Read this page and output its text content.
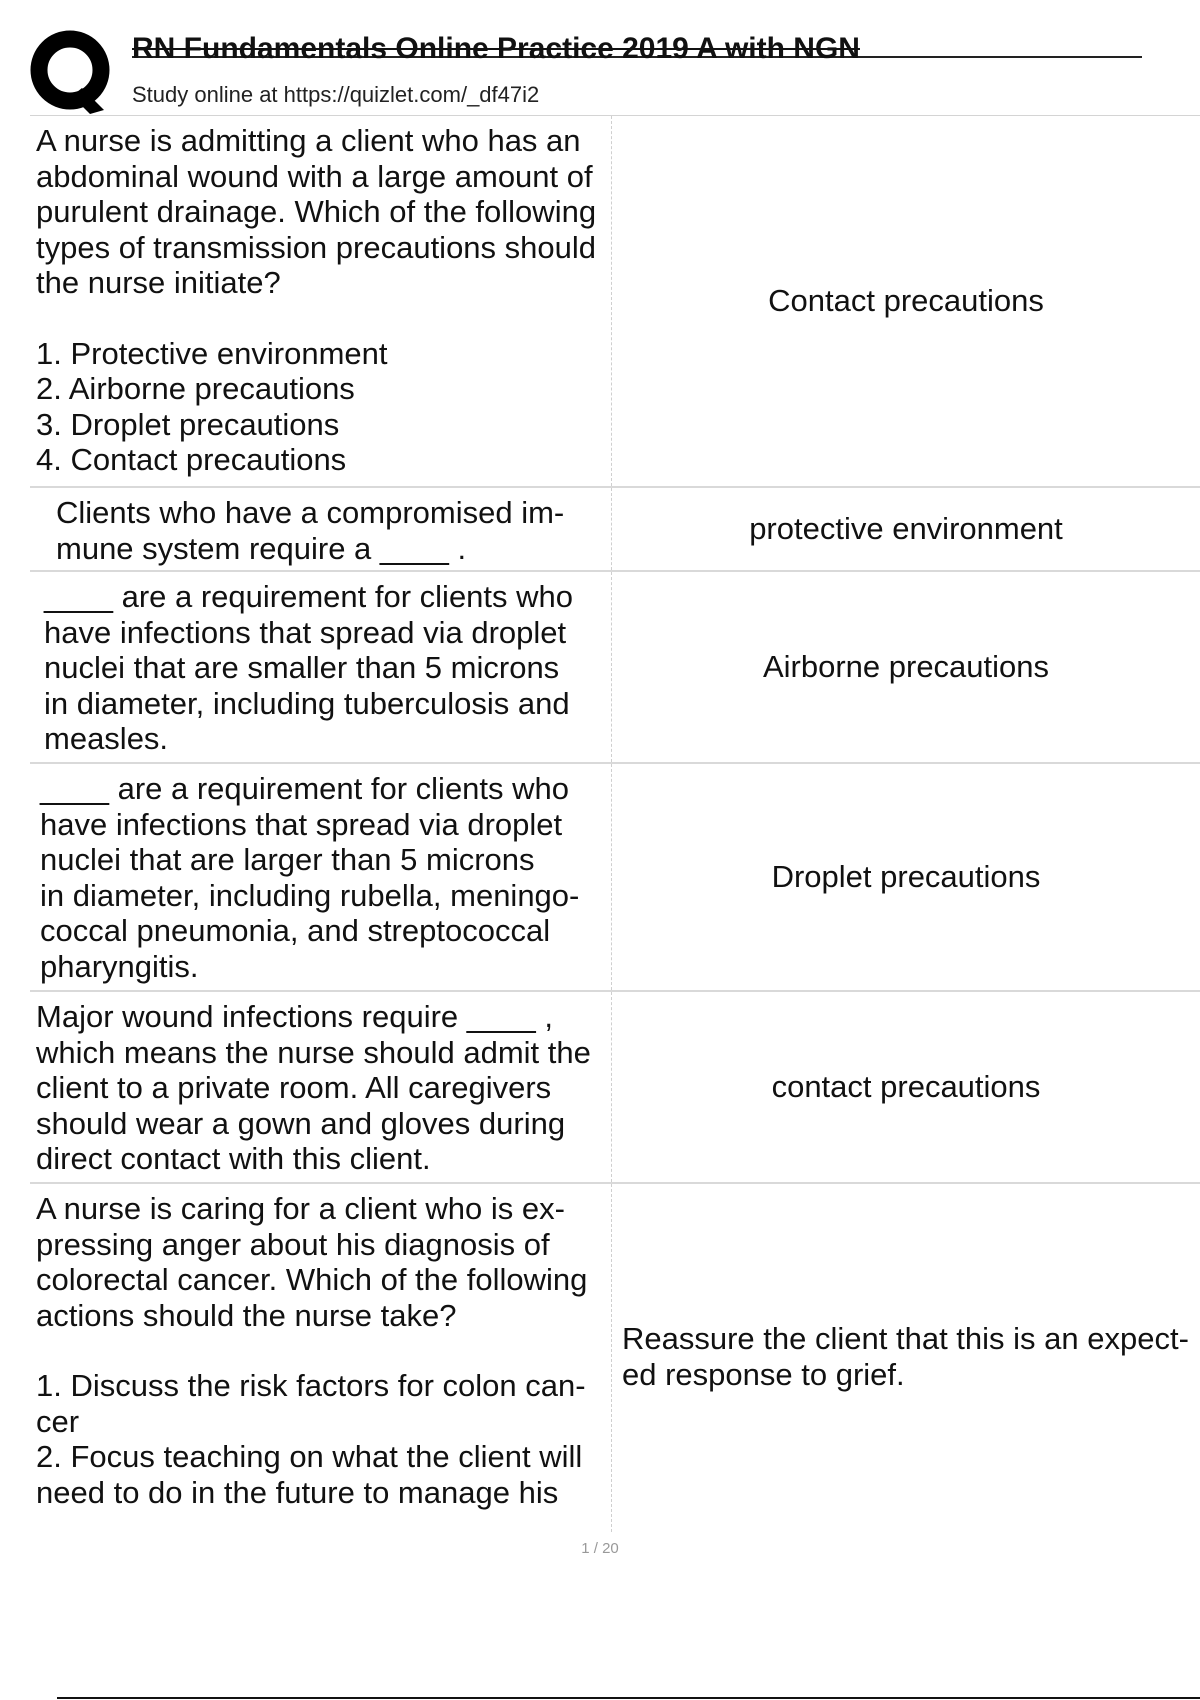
RN Fundamentals Online Practice 2019 A with NGN
Study online at https://quizlet.com/_df47i2
A nurse is admitting a client who has an
abdominal wound with a large amount of
purulent drainage. Which of the following
types of transmission precautions should
the nurse initiate?
1. Protective environment
2. Airborne precautions
3. Droplet precautions
4. Contact precautions
Contact precautions
Clients who have a compromised im-
mune system require a ____ .
protective environment
____ are a requirement for clients who
have infections that spread via droplet
nuclei that are smaller than 5 microns
in diameter, including tuberculosis and
measles.
Airborne precautions
____ are a requirement for clients who
have infections that spread via droplet
nuclei that are larger than 5 microns
in diameter, including rubella, meningo-
coccal pneumonia, and streptococcal
pharyngitis.
Droplet precautions
Major wound infections require ____ ,
which means the nurse should admit the
client to a private room. All caregivers
should wear a gown and gloves during
direct contact with this client.
contact precautions
A nurse is caring for a client who is ex-
pressing anger about his diagnosis of
colorectal cancer. Which of the following
actions should the nurse take?
1. Discuss the risk factors for colon can-
cer
2. Focus teaching on what the client will
need to do in the future to manage his
Reassure the client that this is an expect-
ed response to grief.
1 / 20
